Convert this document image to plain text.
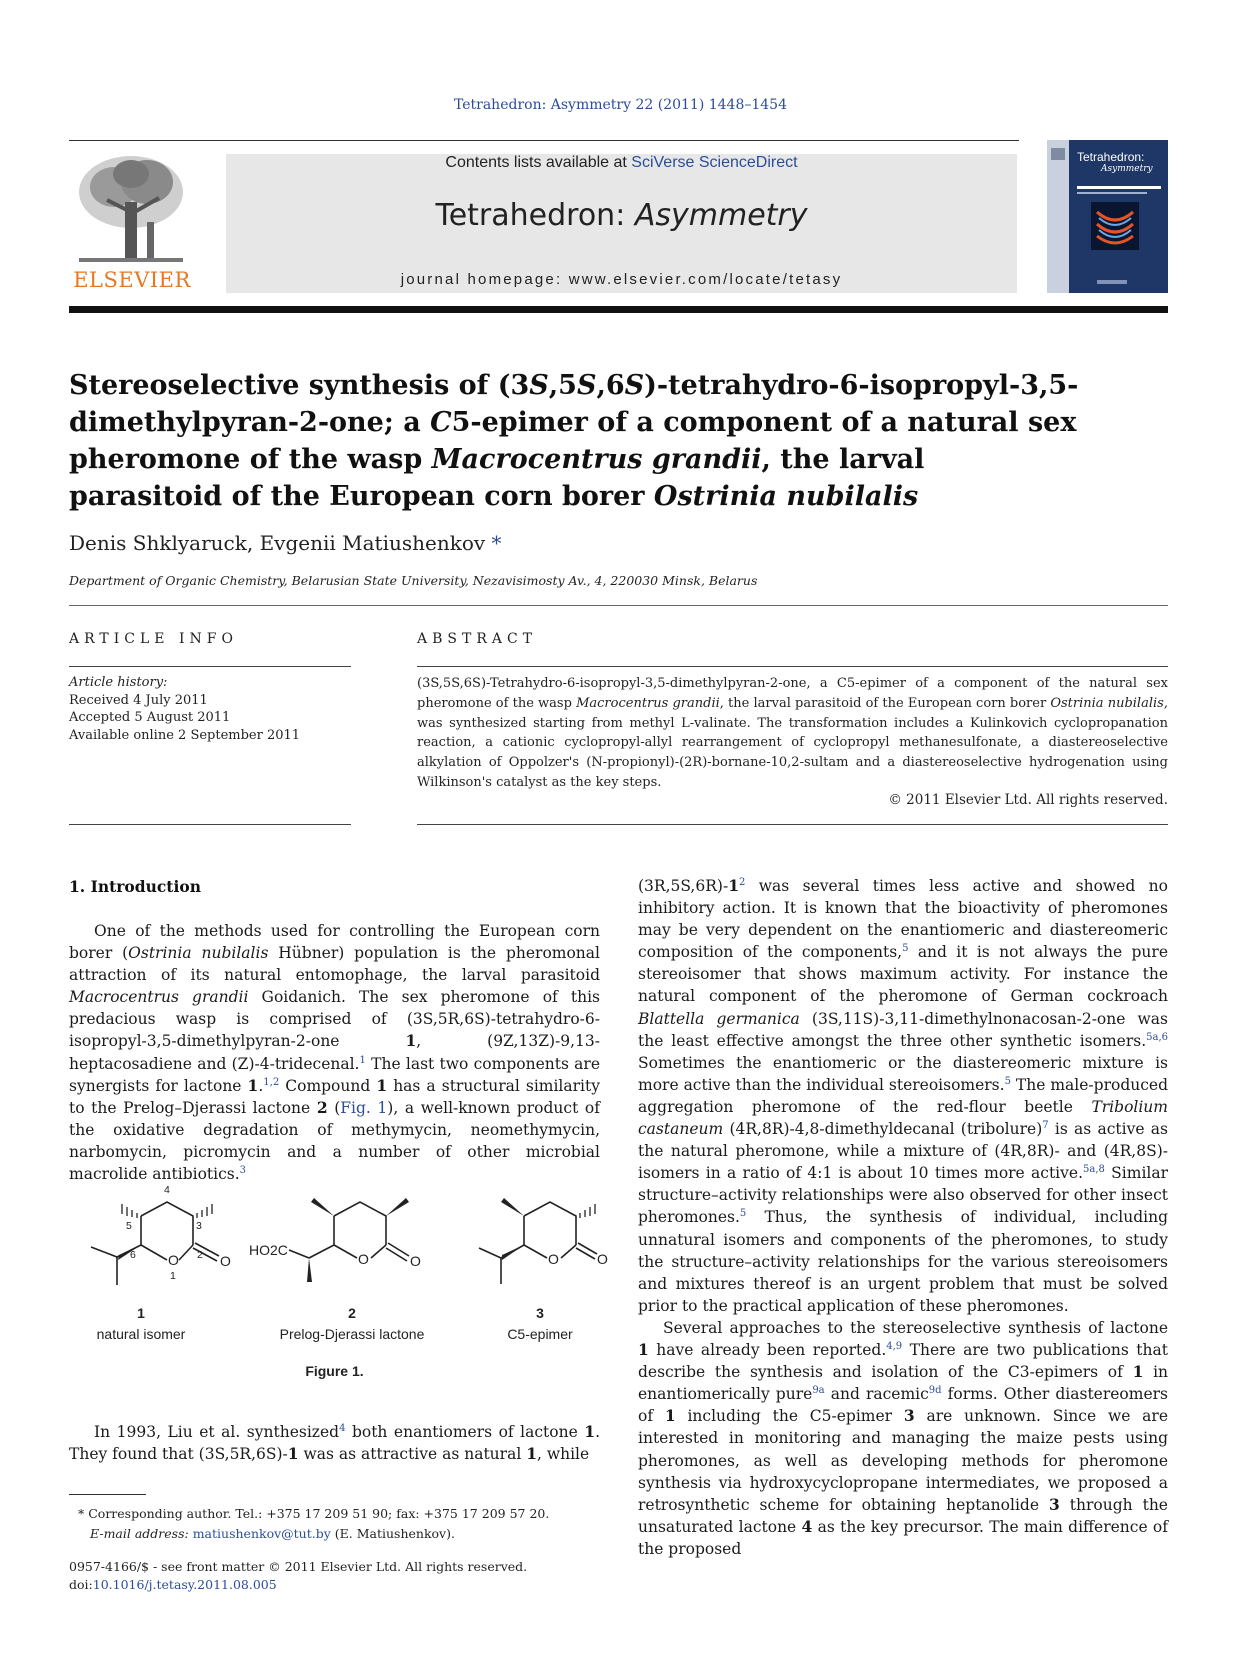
Tetrahedron: Asymmetry 22 (2011) 1448–1454
ELSEVIER
Contents lists available at SciVerse ScienceDirect
Tetrahedron: Asymmetry
journal homepage: www.elsevier.com/locate/tetasy
Tetrahedron:
Asymmetry
Stereoselective synthesis of (3S,5S,6S)-tetrahydro-6-isopropyl-3,5-dimethylpyran-2-one; a C5-epimer of a component of a natural sex pheromone of the wasp Macrocentrus grandii, the larval parasitoid of the European corn borer Ostrinia nubilalis
Denis Shklyaruck, Evgenii Matiushenkov *
Department of Organic Chemistry, Belarusian State University, Nezavisimosty Av., 4, 220030 Minsk, Belarus
ARTICLE INFO	ABSTRACT
Article history:
Received 4 July 2011
Accepted 5 August 2011
Available online 2 September 2011
(3S,5S,6S)-Tetrahydro-6-isopropyl-3,5-dimethylpyran-2-one, a C5-epimer of a component of the natural sex pheromone of the wasp Macrocentrus grandii, the larval parasitoid of the European corn borer Ostrinia nubilalis, was synthesized starting from methyl L-valinate. The transformation includes a Kulinkovich cyclopropanation reaction, a cationic cyclopropyl-allyl rearrangement of cyclopropyl methanesulfonate, a diastereoselective alkylation of Oppolzer's (N-propionyl)-(2R)-bornane-10,2-sultam and a diastereoselective hydrogenation using Wilkinson's catalyst as the key steps.
© 2011 Elsevier Ltd. All rights reserved.
1. Introduction
One of the methods used for controlling the European corn borer (Ostrinia nubilalis Hübner) population is the pheromonal attraction of its natural entomophage, the larval parasitoid Macrocentrus grandii Goidanich. The sex pheromone of this predacious wasp is comprised of (3S,5R,6S)-tetrahydro-6-isopropyl-3,5-dimethylpyran-2-one 1, (9Z,13Z)-9,13-heptacosadiene and (Z)-4-tridecenal.$^1$ The last two components are synergists for lactone 1.$^{1,2}$ Compound 1 has a structural similarity to the Prelog–Djerassi lactone 2 (Fig. 1), a well-known product of the oxidative degradation of methymycin, neomethymycin, narbomycin, picromycin and a number of other microbial macrolide antibiotics.$^3$
O	O	O	O
HO2C
O	O
4
5	3
6	2
1
1
natural isomer
2
Prelog-Djerassi lactone
3
C5-epimer
Figure 1.
In 1993, Liu et al. synthesized$^4$ both enantiomers of lactone 1. They found that (3S,5R,6S)-1 was as attractive as natural 1, while
* Corresponding author. Tel.: +375 17 209 51 90; fax: +375 17 209 57 20.
E-mail address: matiushenkov@tut.by (E. Matiushenkov).
0957-4166/$ - see front matter © 2011 Elsevier Ltd. All rights reserved.
doi:10.1016/j.tetasy.2011.08.005
$(3R,5S,6R)-1^2$ was several times less active and showed no inhibitory action. It is known that the bioactivity of pheromones may be very dependent on the enantiomeric and diastereomeric composition of the components,$^5$ and it is not always the pure stereoisomer that shows maximum activity. For instance the natural component of the pheromone of German cockroach Blattella germanica (3S,11S)-3,11-dimethylnonacosan-2-one was the least effective amongst the three other synthetic isomers.$^{5a,6}$ Sometimes the enantiomeric or the diastereomeric mixture is more active than the individual stereoisomers.$^5$ The male-produced aggregation pheromone of the red-flour beetle Tribolium castaneum (4R,8R)-4,8-dimethyldecanal (tribolure)$^7$ is as active as the natural pheromone, while a mixture of (4R,8R)- and (4R,8S)-isomers in a ratio of 4:1 is about 10 times more active.$^{5a,8}$ Similar structure–activity relationships were also observed for other insect pheromones.$^5$ Thus, the synthesis of individual, including unnatural isomers and components of the pheromones, to study the structure–activity relationships for the various stereoisomers and mixtures thereof is an urgent problem that must be solved prior to the practical application of these pheromones.
Several approaches to the stereoselective synthesis of lactone 1 have already been reported.$^{4,9}$ There are two publications that describe the synthesis and isolation of the C3-epimers of 1 in enantiomerically pure$^{9a}$ and racemic$^{9d}$ forms. Other diastereomers of 1 including the C5-epimer 3 are unknown. Since we are interested in monitoring and managing the maize pests using pheromones, as well as developing methods for pheromone synthesis via hydroxycyclopropane intermediates, we proposed a retrosynthetic scheme for obtaining heptanolide 3 through the unsaturated lactone 4 as the key precursor. The main difference of the proposed
